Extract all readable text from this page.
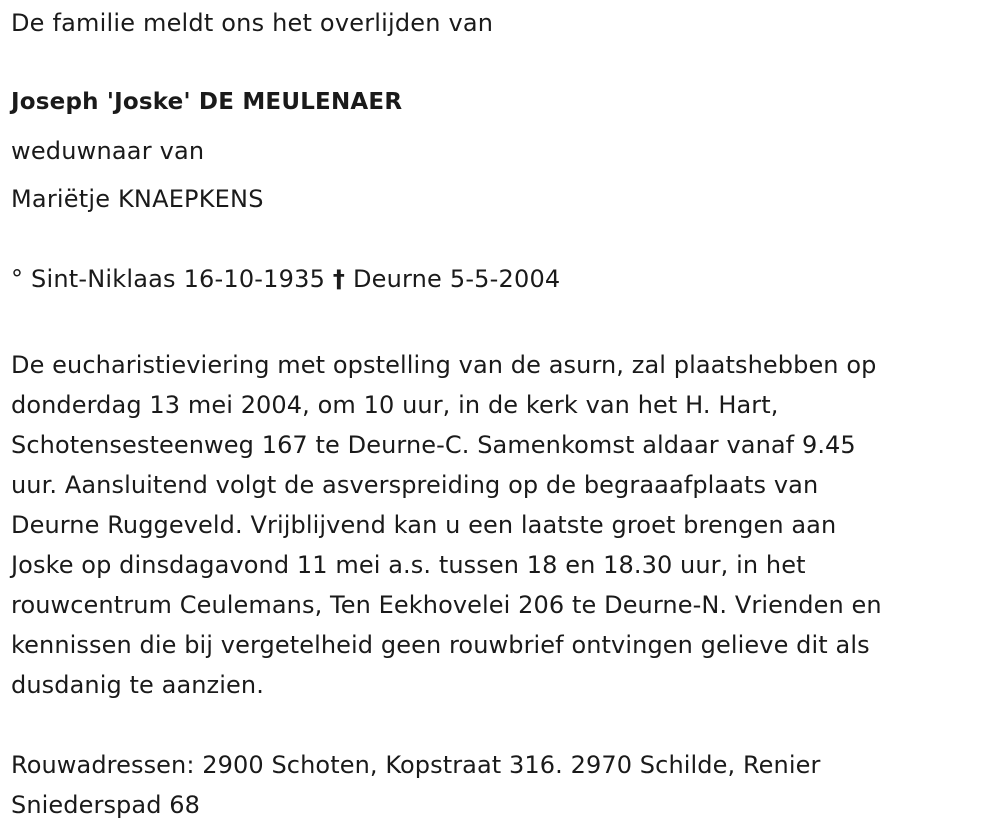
De familie meldt ons het overlijden van
Joseph 'Joske' DE MEULENAER
weduwnaar van
Mariëtje KNAEPKENS
° Sint-Niklaas 16-10-1935 † Deurne 5-5-2004
De eucharistieviering met opstelling van de asurn, zal plaatshebben op
donderdag 13 mei 2004, om 10 uur, in de kerk van het H. Hart,
Schotensesteenweg 167 te Deurne-C. Samenkomst aldaar vanaf 9.45
uur. Aansluitend volgt de asverspreiding op de begraaafplaats van
Deurne Ruggeveld. Vrijblijvend kan u een laatste groet brengen aan
Joske op dinsdagavond 11 mei a.s. tussen 18 en 18.30 uur, in het
rouwcentrum Ceulemans, Ten Eekhovelei 206 te Deurne-N. Vrienden en
kennissen die bij vergetelheid geen rouwbrief ontvingen gelieve dit als
dusdanig te aanzien.
Rouwadressen: 2900 Schoten, Kopstraat 316. 2970 Schilde, Renier
Sniederspad 68
